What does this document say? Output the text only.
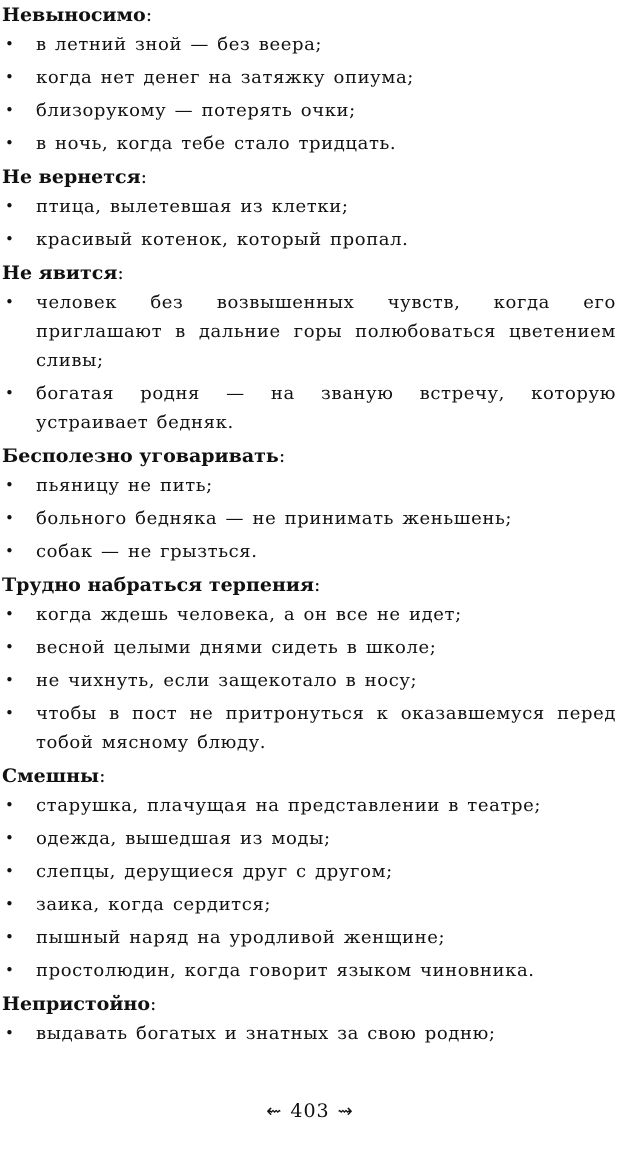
Невыносимо:
• в летний зной — без веера;
• когда нет денег на затяжку опиума;
• близорукому — потерять очки;
• в ночь, когда тебе стало тридцать.
Не вернется:
• птица, вылетевшая из клетки;
• красивый котенок, который пропал.
Не явится:
• человек без возвышенных чувств, когда его приглашают в дальние горы полюбоваться цветением сливы;
• богатая родня — на званую встречу, которую устраивает бедняк.
Бесполезно уговаривать:
• пьяницу не пить;
• больного бедняка — не принимать женьшень;
• собак — не грызться.
Трудно набраться терпения:
• когда ждешь человека, а он все не идет;
• весной целыми днями сидеть в школе;
• не чихнуть, если защекотало в носу;
• чтобы в пост не притронуться к оказавшемуся перед тобой мясному блюду.
Смешны:
• старушка, плачущая на представлении в театре;
• одежда, вышедшая из моды;
• слепцы, дерущиеся друг с другом;
• заика, когда сердится;
• пышный наряд на уродливой женщине;
• простолюдин, когда говорит языком чиновника.
Непристойно:
• выдавать богатых и знатных за свою родню;
⇜ 403 ⇝
